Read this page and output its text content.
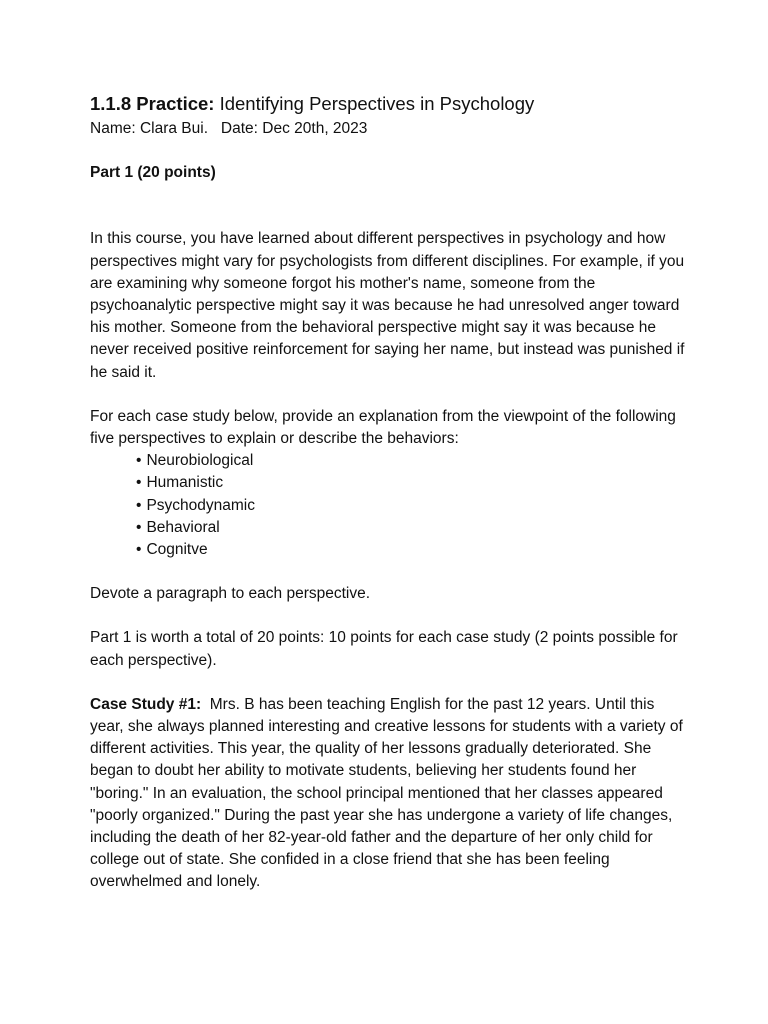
1.1.8 Practice: Identifying Perspectives in Psychology

Name: Clara Bui.   Date: Dec 20th, 2023

Part 1 (20 points)

In this course, you have learned about different perspectives in psychology and how perspectives might vary for psychologists from different disciplines. For example, if you are examining why someone forgot his mother's name, someone from the psychoanalytic perspective might say it was because he had unresolved anger toward his mother. Someone from the behavioral perspective might say it was because he never received positive reinforcement for saying her name, but instead was punished if he said it.

For each case study below, provide an explanation from the viewpoint of the following five perspectives to explain or describe the behaviors:

• Neurobiological
• Humanistic
• Psychodynamic
• Behavioral
• Cognitve

Devote a paragraph to each perspective.

Part 1 is worth a total of 20 points: 10 points for each case study (2 points possible for each perspective).

Case Study #1:  Mrs. B has been teaching English for the past 12 years. Until this year, she always planned interesting and creative lessons for students with a variety of different activities. This year, the quality of her lessons gradually deteriorated. She began to doubt her ability to motivate students, believing her students found her "boring." In an evaluation, the school principal mentioned that her classes appeared "poorly organized." During the past year she has undergone a variety of life changes, including the death of her 82-year-old father and the departure of her only child for college out of state. She confided in a close friend that she has been feeling overwhelmed and lonely.
